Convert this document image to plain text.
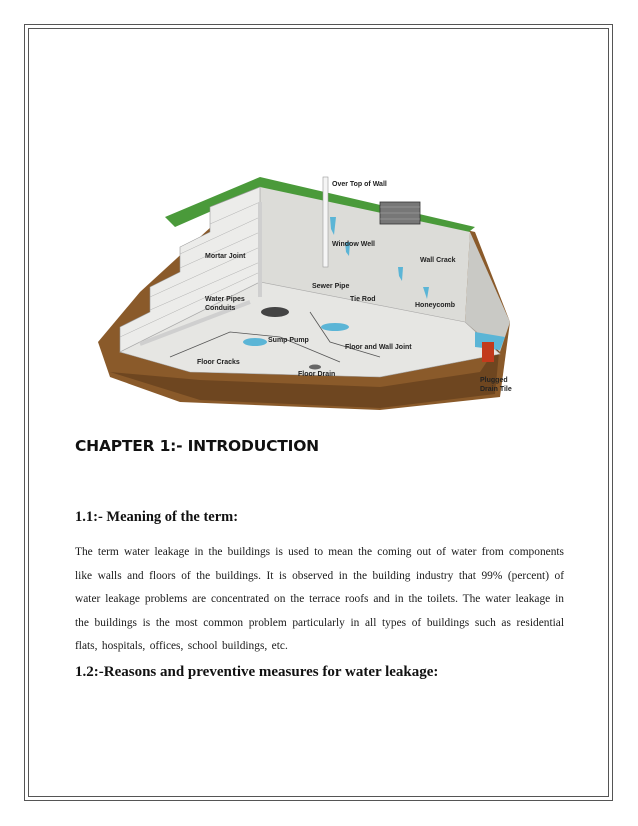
Over Top of Wall
Window Well
Mortar Joint
Wall Crack
Sewer Pipe
Tie Rod
Water Pipes
Conduits	Honeycomb
Sump Pump
Floor and Wall Joint
Floor Cracks
Floor Drain
Plugged
Drain Tile
CHAPTER 1:- INTRODUCTION
1.1:- Meaning of the term:

The term water leakage in the buildings is used to mean the coming out of water from components like walls and floors of the buildings. It is observed in the building industry that 99% (percent) of water leakage problems are concentrated on the terrace roofs and in the toilets. The water leakage in the buildings is the most common problem particularly in all types of buildings such as residential flats, hospitals, offices, school buildings, etc.

1.2:-Reasons and preventive measures for water leakage:
